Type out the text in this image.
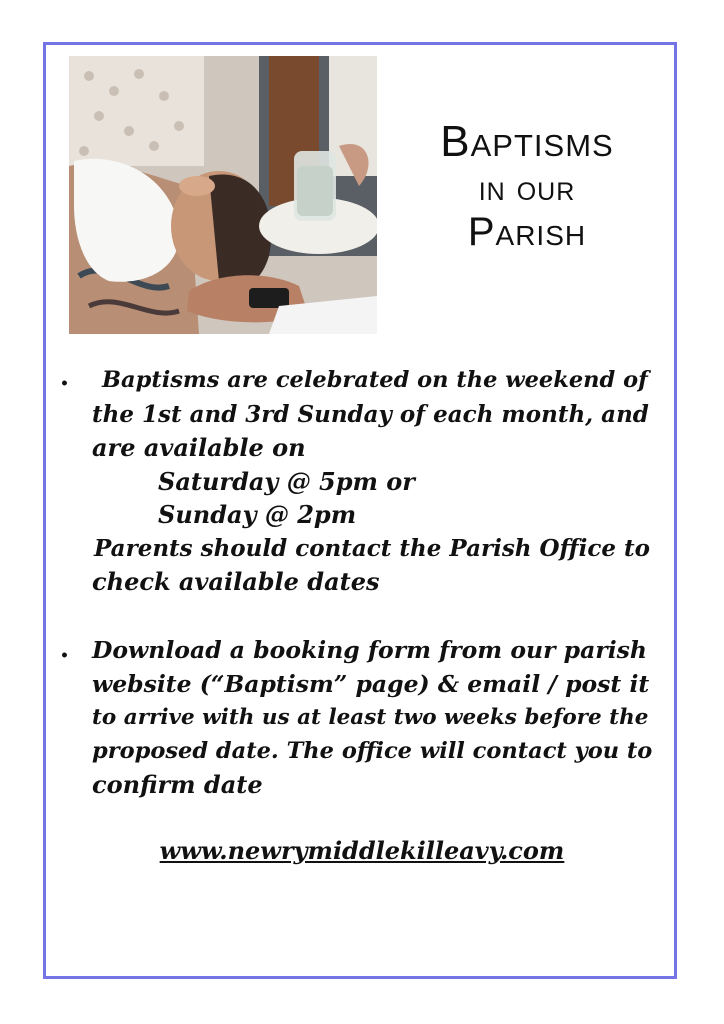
Baptisms
in our
Parish
•	Baptisms are celebrated on the weekend of
the 1st and 3rd Sunday of each month, and
are available on
Saturday @ 5pm or
Sunday @ 2pm
Parents should contact the Parish Office to
check available dates
• Download a booking form from our parish
website (“Baptism” page) & email / post it
to arrive with us at least two weeks before the
proposed date. The office will contact you to
confirm date
www.newrymiddlekilleavy.com
